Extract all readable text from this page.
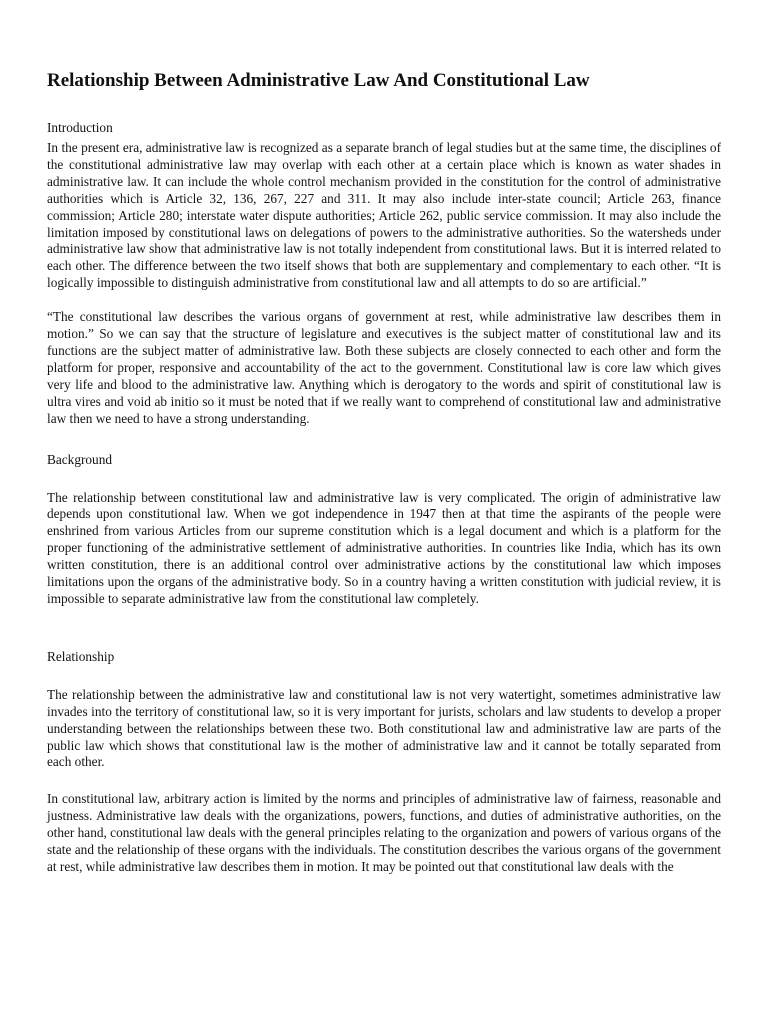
Relationship Between Administrative Law And Constitutional Law

Introduction

In the present era, administrative law is recognized as a separate branch of legal studies but at the same time, the disciplines of the constitutional administrative law may overlap with each other at a certain place which is known as water shades in administrative law. It can include the whole control mechanism provided in the constitution for the control of administrative authorities which is Article 32, 136, 267, 227 and 311. It may also include inter-state council; Article 263, finance commission; Article 280; interstate water dispute authorities; Article 262, public service commission. It may also include the limitation imposed by constitutional laws on delegations of powers to the administrative authorities. So the watersheds under administrative law show that administrative law is not totally independent from constitutional laws. But it is interred related to each other. The difference between the two itself shows that both are supplementary and complementary to each other. “It is logically impossible to distinguish administrative from constitutional law and all attempts to do so are artificial.”

“The constitutional law describes the various organs of government at rest, while administrative law describes them in motion.” So we can say that the structure of legislature and executives is the subject matter of constitutional law and its functions are the subject matter of administrative law. Both these subjects are closely connected to each other and form the platform for proper, responsive and accountability of the act to the government. Constitutional law is core law which gives very life and blood to the administrative law. Anything which is derogatory to the words and spirit of constitutional law is ultra vires and void ab initio so it must be noted that if we really want to comprehend of constitutional law and administrative law then we need to have a strong understanding.

Background

The relationship between constitutional law and administrative law is very complicated. The origin of administrative law depends upon constitutional law. When we got independence in 1947 then at that time the aspirants of the people were enshrined from various Articles from our supreme constitution which is a legal document and which is a platform for the proper functioning of the administrative settlement of administrative authorities. In countries like India, which has its own written constitution, there is an additional control over administrative actions by the constitutional law which imposes limitations upon the organs of the administrative body. So in a country having a written constitution with judicial review, it is impossible to separate administrative law from the constitutional law completely.

Relationship

The relationship between the administrative law and constitutional law is not very watertight, sometimes administrative law invades into the territory of constitutional law, so it is very important for jurists, scholars and law students to develop a proper understanding between the relationships between these two. Both constitutional law and administrative law are parts of the public law which shows that constitutional law is the mother of administrative law and it cannot be totally separated from each other.

In constitutional law, arbitrary action is limited by the norms and principles of administrative law of fairness, reasonable and justness. Administrative law deals with the organizations, powers, functions, and duties of administrative authorities, on the other hand, constitutional law deals with the general principles relating to the organization and powers of various organs of the state and the relationship of these organs with the individuals. The constitution describes the various organs of the government at rest, while administrative law describes them in motion. It may be pointed out that constitutional law deals with the
